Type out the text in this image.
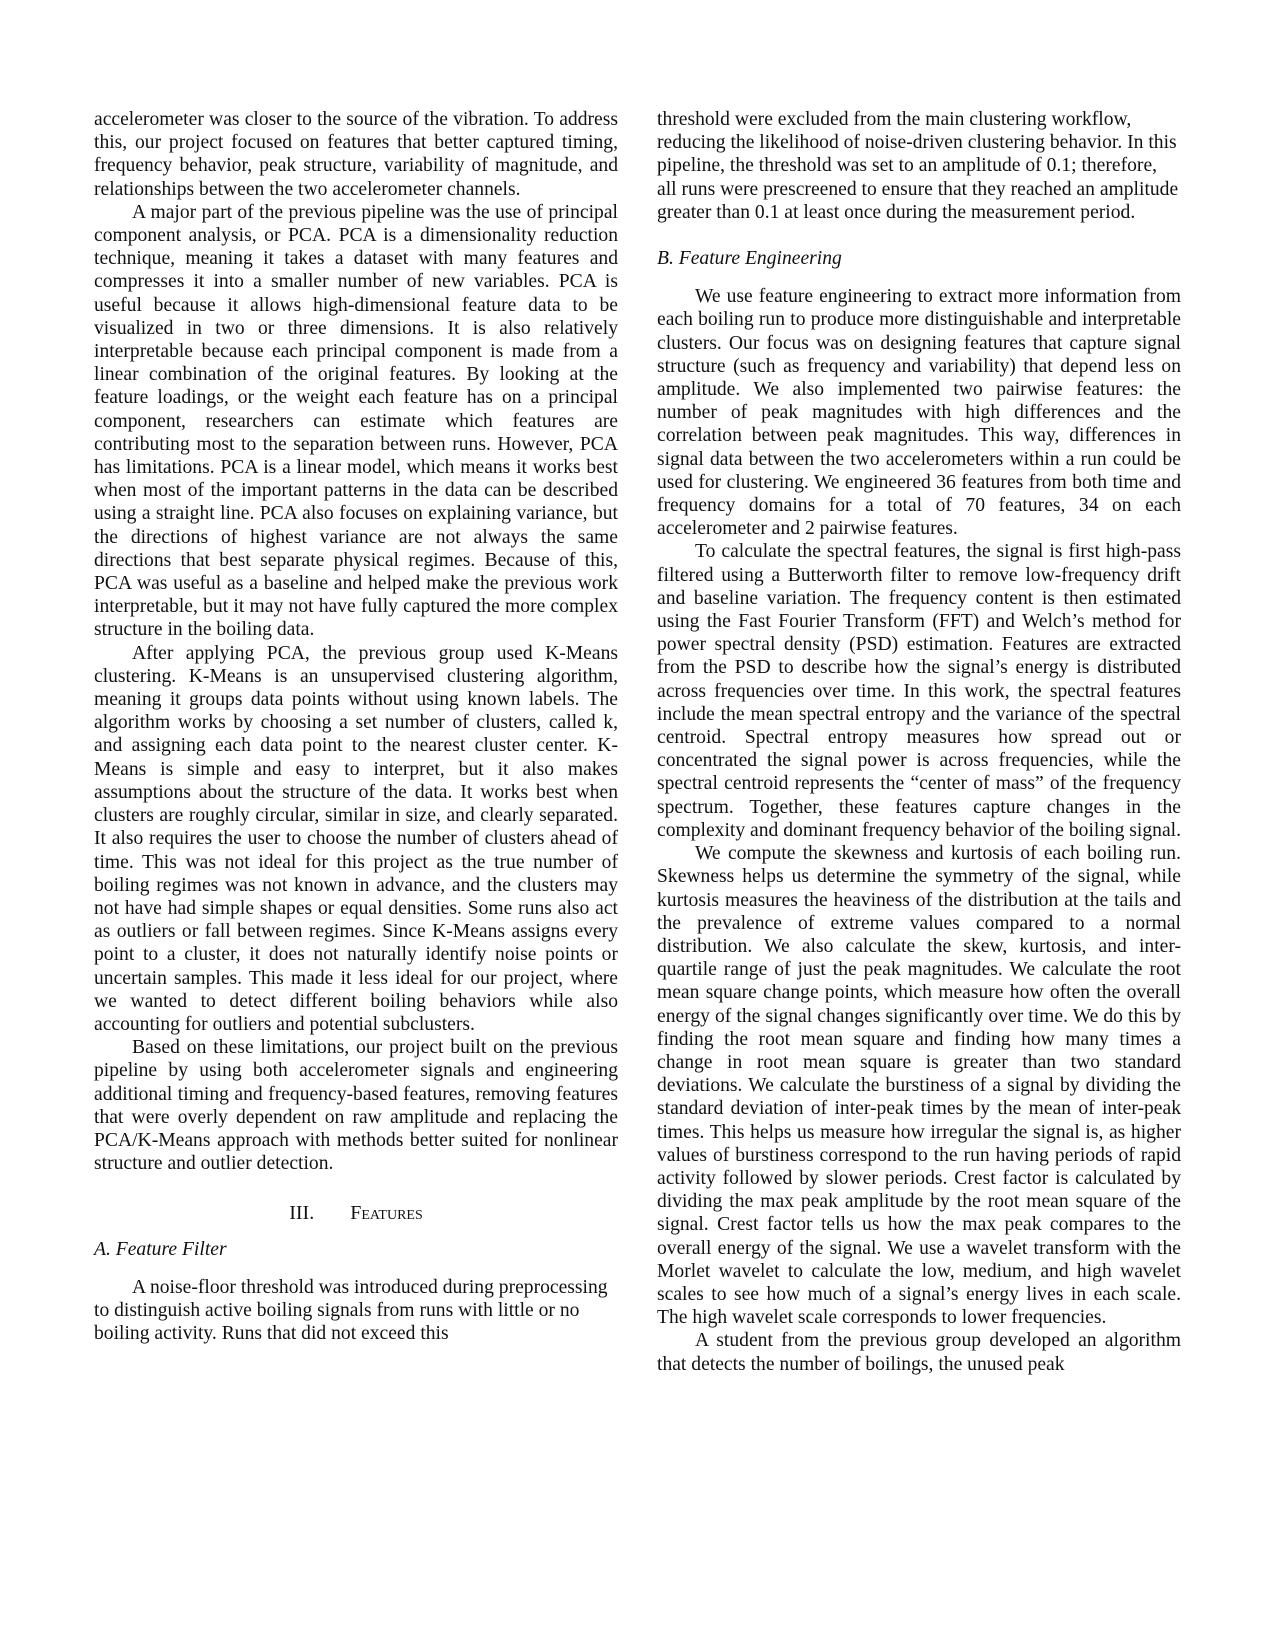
accelerometer was closer to the source of the vibration. To address this, our project focused on features that better captured timing, frequency behavior, peak structure, variability of magnitude, and relationships between the two accelerometer channels.

A major part of the previous pipeline was the use of principal component analysis, or PCA. PCA is a dimensionality reduction technique, meaning it takes a dataset with many features and compresses it into a smaller number of new variables. PCA is useful because it allows high-dimensional feature data to be visualized in two or three dimensions. It is also relatively interpretable because each principal component is made from a linear combination of the original features. By looking at the feature loadings, or the weight each feature has on a principal component, researchers can estimate which features are contributing most to the separation between runs. However, PCA has limitations. PCA is a linear model, which means it works best when most of the important patterns in the data can be described using a straight line. PCA also focuses on explaining variance, but the directions of highest variance are not always the same directions that best separate physical regimes. Because of this, PCA was useful as a baseline and helped make the previous work interpretable, but it may not have fully captured the more complex structure in the boiling data.

After applying PCA, the previous group used K-Means clustering. K-Means is an unsupervised clustering algorithm, meaning it groups data points without using known labels. The algorithm works by choosing a set number of clusters, called k, and assigning each data point to the nearest cluster center. K-Means is simple and easy to interpret, but it also makes assumptions about the structure of the data. It works best when clusters are roughly circular, similar in size, and clearly separated. It also requires the user to choose the number of clusters ahead of time. This was not ideal for this project as the true number of boiling regimes was not known in advance, and the clusters may not have had simple shapes or equal densities. Some runs also act as outliers or fall between regimes. Since K-Means assigns every point to a cluster, it does not naturally identify noise points or uncertain samples. This made it less ideal for our project, where we wanted to detect different boiling behaviors while also accounting for outliers and potential subclusters.

Based on these limitations, our project built on the previous pipeline by using both accelerometer signals and engineering additional timing and frequency-based features, removing features that were overly dependent on raw amplitude and replacing the PCA/K-Means approach with methods better suited for nonlinear structure and outlier detection.

III. Features
A. Feature Filter

A noise-floor threshold was introduced during preprocessing to distinguish active boiling signals from runs with little or no boiling activity. Runs that did not exceed this

threshold were excluded from the main clustering workflow, reducing the likelihood of noise-driven clustering behavior. In this pipeline, the threshold was set to an amplitude of 0.1; therefore, all runs were prescreened to ensure that they reached an amplitude greater than 0.1 at least once during the measurement period.

B. Feature Engineering

We use feature engineering to extract more information from each boiling run to produce more distinguishable and interpretable clusters. Our focus was on designing features that capture signal structure (such as frequency and variability) that depend less on amplitude. We also implemented two pairwise features: the number of peak magnitudes with high differences and the correlation between peak magnitudes. This way, differences in signal data between the two accelerometers within a run could be used for clustering. We engineered 36 features from both time and frequency domains for a total of 70 features, 34 on each accelerometer and 2 pairwise features.

To calculate the spectral features, the signal is first high-pass filtered using a Butterworth filter to remove low-frequency drift and baseline variation. The frequency content is then estimated using the Fast Fourier Transform (FFT) and Welch’s method for power spectral density (PSD) estimation. Features are extracted from the PSD to describe how the signal’s energy is distributed across frequencies over time. In this work, the spectral features include the mean spectral entropy and the variance of the spectral centroid. Spectral entropy measures how spread out or concentrated the signal power is across frequencies, while the spectral centroid represents the “center of mass” of the frequency spectrum. Together, these features capture changes in the complexity and dominant frequency behavior of the boiling signal.

We compute the skewness and kurtosis of each boiling run. Skewness helps us determine the symmetry of the signal, while kurtosis measures the heaviness of the distribution at the tails and the prevalence of extreme values compared to a normal distribution. We also calculate the skew, kurtosis, and inter-quartile range of just the peak magnitudes. We calculate the root mean square change points, which measure how often the overall energy of the signal changes significantly over time. We do this by finding the root mean square and finding how many times a change in root mean square is greater than two standard deviations. We calculate the burstiness of a signal by dividing the standard deviation of inter-peak times by the mean of inter-peak times. This helps us measure how irregular the signal is, as higher values of burstiness correspond to the run having periods of rapid activity followed by slower periods. Crest factor is calculated by dividing the max peak amplitude by the root mean square of the signal. Crest factor tells us how the max peak compares to the overall energy of the signal. We use a wavelet transform with the Morlet wavelet to calculate the low, medium, and high wavelet scales to see how much of a signal’s energy lives in each scale. The high wavelet scale corresponds to lower frequencies.

A student from the previous group developed an algorithm that detects the number of boilings, the unused peak
